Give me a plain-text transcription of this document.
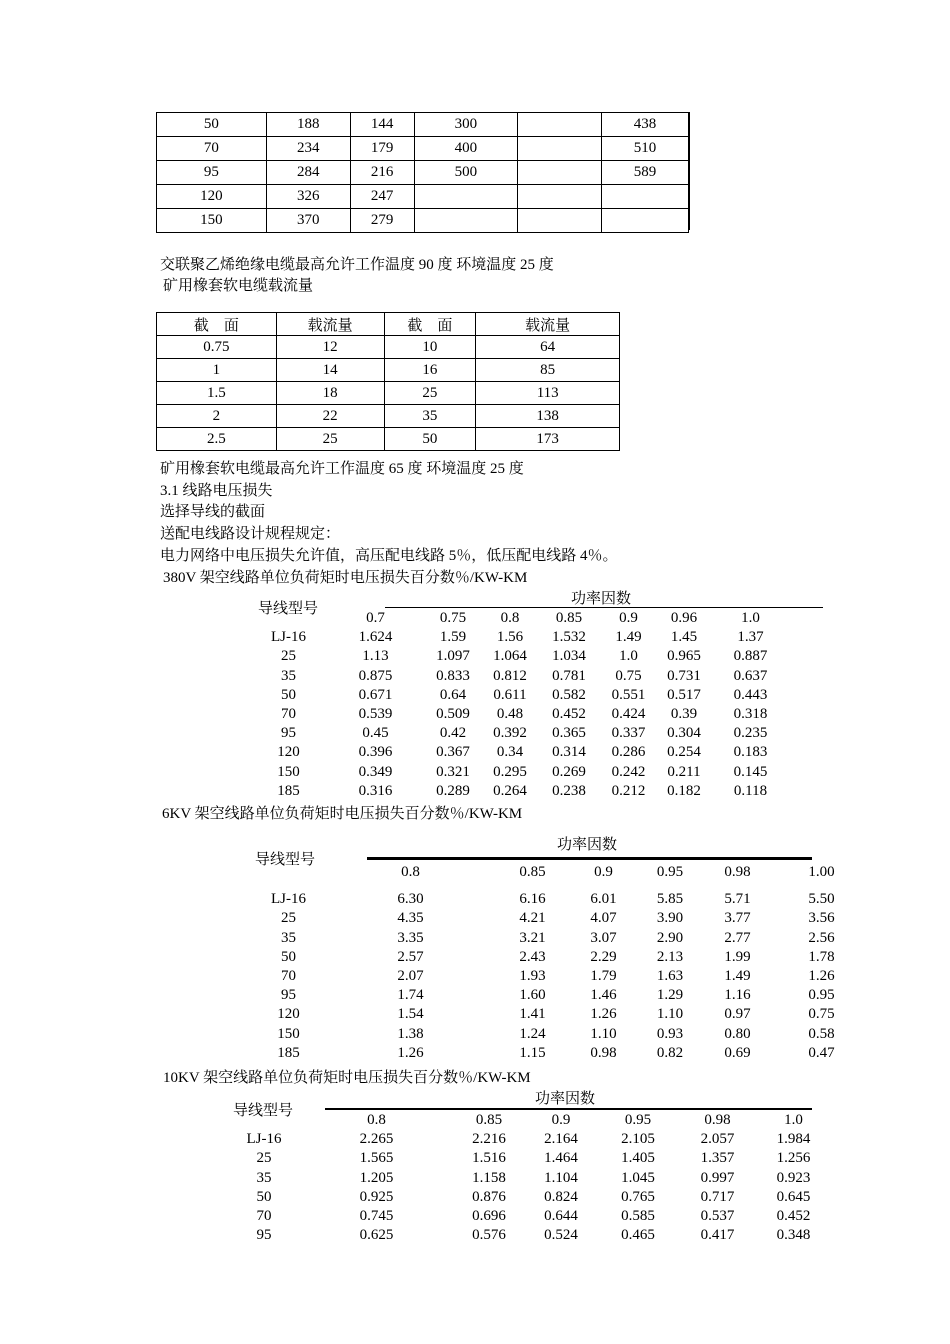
50	188	144	300		438
70	234	179	400		510
95	284	216	500		589
120	326	247			
150	370	279			
交联聚乙烯绝缘电缆最高允许工作温度 90 度 环境温度 25 度
矿用橡套软电缆载流量
截　面	载流量	截　面	载流量
0.75	12	10	64
1	14	16	85
1.5	18	25	113
2	22	35	138
2.5	25	50	173
矿用橡套软电缆最高允许工作温度 65 度 环境温度 25 度
3.1 线路电压损失
选择导线的截面
送配电线路设计规程规定：
电力网络中电压损失允许值，高压配电线路 5％，低压配电线路 4％。
380V 架空线路单位负荷矩时电压损失百分数％/KW-KM
导线型号
功率因数
	0.7	0.75	0.8	0.85	0.9	0.96	1.0
LJ-16	1.624	1.59	1.56	1.532	1.49	1.45	1.37
25	1.13	1.097	1.064	1.034	1.0	0.965	0.887
35	0.875	0.833	0.812	0.781	0.75	0.731	0.637
50	0.671	0.64	0.611	0.582	0.551	0.517	0.443
70	0.539	0.509	0.48	0.452	0.424	0.39	0.318
95	0.45	0.42	0.392	0.365	0.337	0.304	0.235
120	0.396	0.367	0.34	0.314	0.286	0.254	0.183
150	0.349	0.321	0.295	0.269	0.242	0.211	0.145
185	0.316	0.289	0.264	0.238	0.212	0.182	0.118
6KV 架空线路单位负荷矩时电压损失百分数％/KW-KM
导线型号
功率因数
	0.8	0.85	0.9	0.95	0.98	1.00

LJ-16	6.30	6.16	6.01	5.85	5.71	5.50
25	4.35	4.21	4.07	3.90	3.77	3.56
35	3.35	3.21	3.07	2.90	2.77	2.56
50	2.57	2.43	2.29	2.13	1.99	1.78
70	2.07	1.93	1.79	1.63	1.49	1.26
95	1.74	1.60	1.46	1.29	1.16	0.95
120	1.54	1.41	1.26	1.10	0.97	0.75
150	1.38	1.24	1.10	0.93	0.80	0.58
185	1.26	1.15	0.98	0.82	0.69	0.47
10KV 架空线路单位负荷矩时电压损失百分数％/KW-KM
导线型号
功率因数
	0.8	0.85	0.9	0.95	0.98	1.0
LJ-16	2.265	2.216	2.164	2.105	2.057	1.984
25	1.565	1.516	1.464	1.405	1.357	1.256
35	1.205	1.158	1.104	1.045	0.997	0.923
50	0.925	0.876	0.824	0.765	0.717	0.645
70	0.745	0.696	0.644	0.585	0.537	0.452
95	0.625	0.576	0.524	0.465	0.417	0.348
